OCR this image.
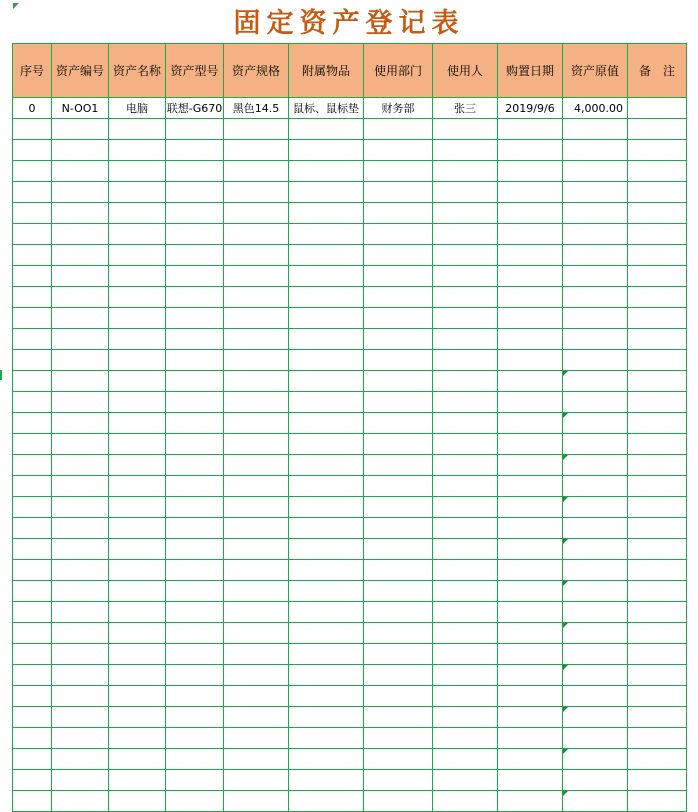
固定资产登记表
序号	资产编号	资产名称	资产型号	资产规格	附属物品	使用部门	使用人	购置日期	资产原值	备　注
0	N-OO1	电脑	联想-G670	黑色14.5	鼠标、鼠标垫	财务部	张三	2019/9/6	4,000.00	
